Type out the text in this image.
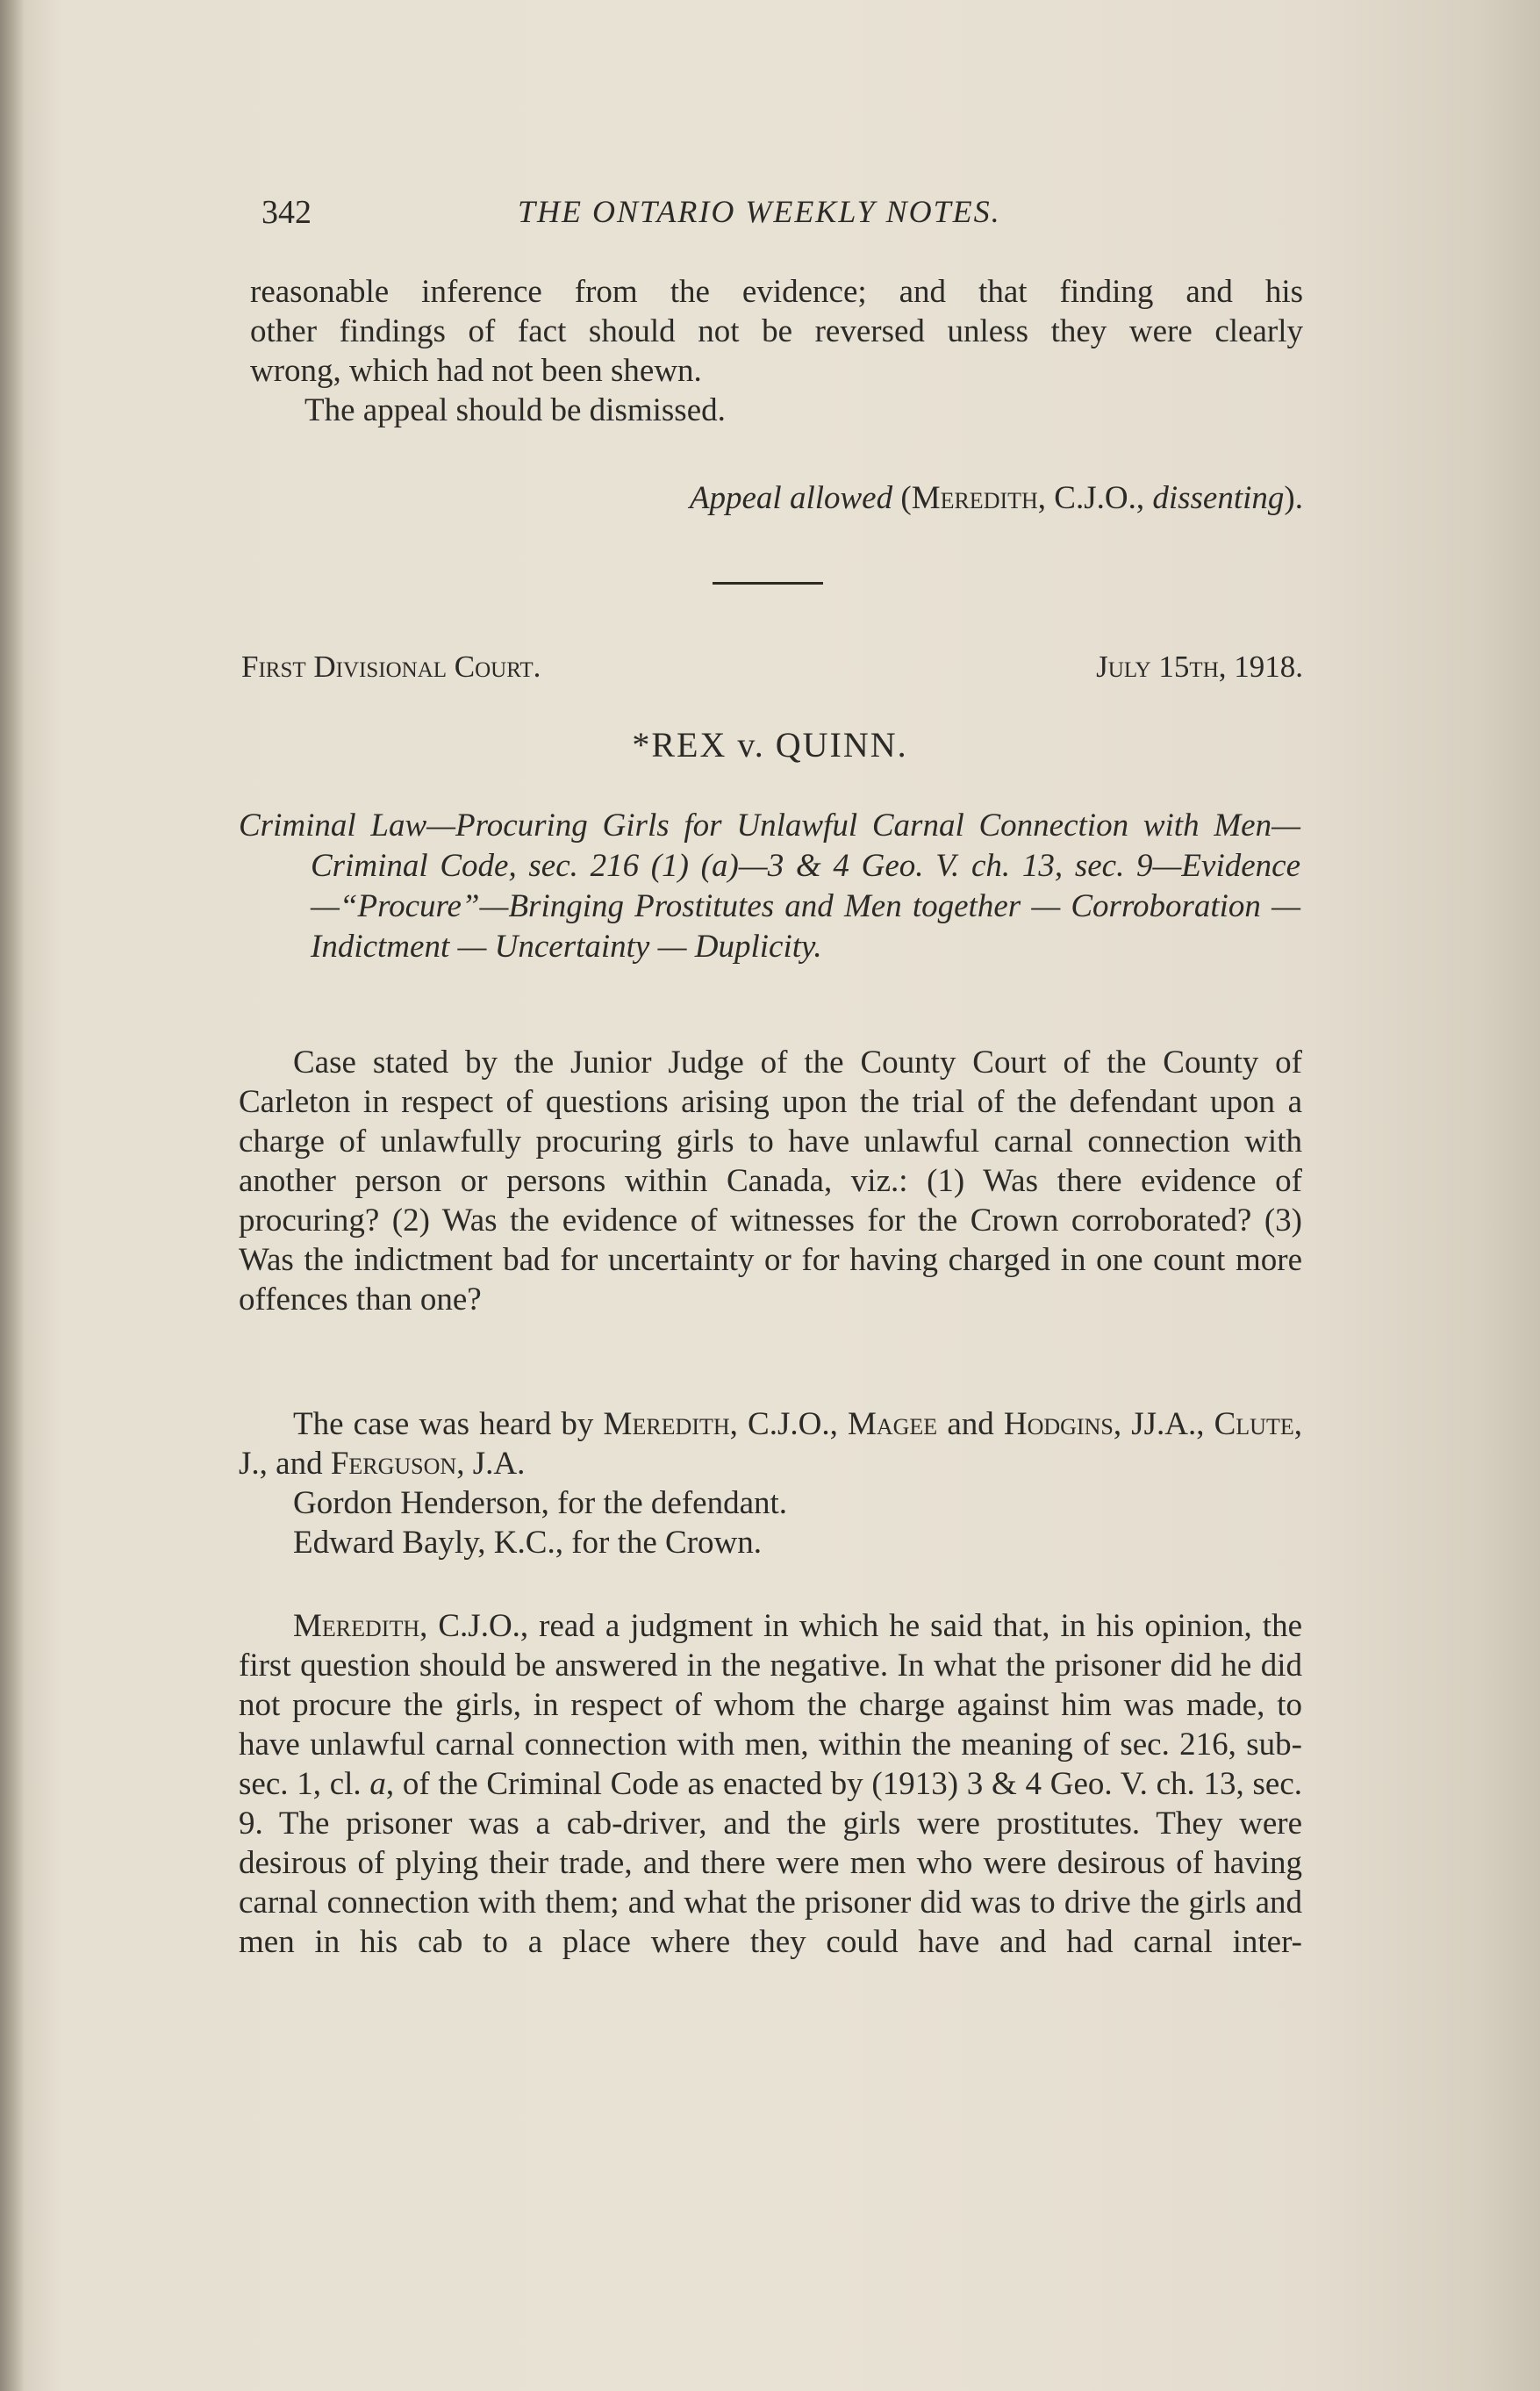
342	THE ONTARIO WEEKLY NOTES.
reasonable inference from the evidence; and that finding and his
other findings of fact should not be reversed unless they were clearly
wrong, which had not been shewn.
The appeal should be dismissed.
Appeal allowed (Meredith, C.J.O., dissenting).
First Divisional Court.	July 15th, 1918.
*REX v. QUINN.

Criminal Law—Procuring Girls for Unlawful Carnal Connection with Men—Criminal Code, sec. 216 (1) (a)—3 & 4 Geo. V. ch. 13, sec. 9—Evidence—“Procure”—Bringing Prostitutes and Men together — Corroboration — Indictment — Uncertainty — Duplicity.

Case stated by the Junior Judge of the County Court of the County of Carleton in respect of questions arising upon the trial of the defendant upon a charge of unlawfully procuring girls to have unlawful carnal connection with another person or persons within Canada, viz.: (1) Was there evidence of procuring? (2) Was the evidence of witnesses for the Crown corroborated? (3) Was the indictment bad for uncertainty or for having charged in one count more offences than one?

The case was heard by Meredith, C.J.O., Magee and Hodgins, JJ.A., Clute, J., and Ferguson, J.A.

Gordon Henderson, for the defendant.
Edward Bayly, K.C., for the Crown.

Meredith, C.J.O., read a judgment in which he said that, in his opinion, the first question should be answered in the negative. In what the prisoner did he did not procure the girls, in respect of whom the charge against him was made, to have unlawful carnal connection with men, within the meaning of sec. 216, sub-sec. 1, cl. a, of the Criminal Code as enacted by (1913) 3 & 4 Geo. V. ch. 13, sec. 9. The prisoner was a cab-driver, and the girls were prostitutes. They were desirous of plying their trade, and there were men who were desirous of having carnal connection with them; and what the prisoner did was to drive the girls and men in his cab to a place where they could have and had carnal inter-
